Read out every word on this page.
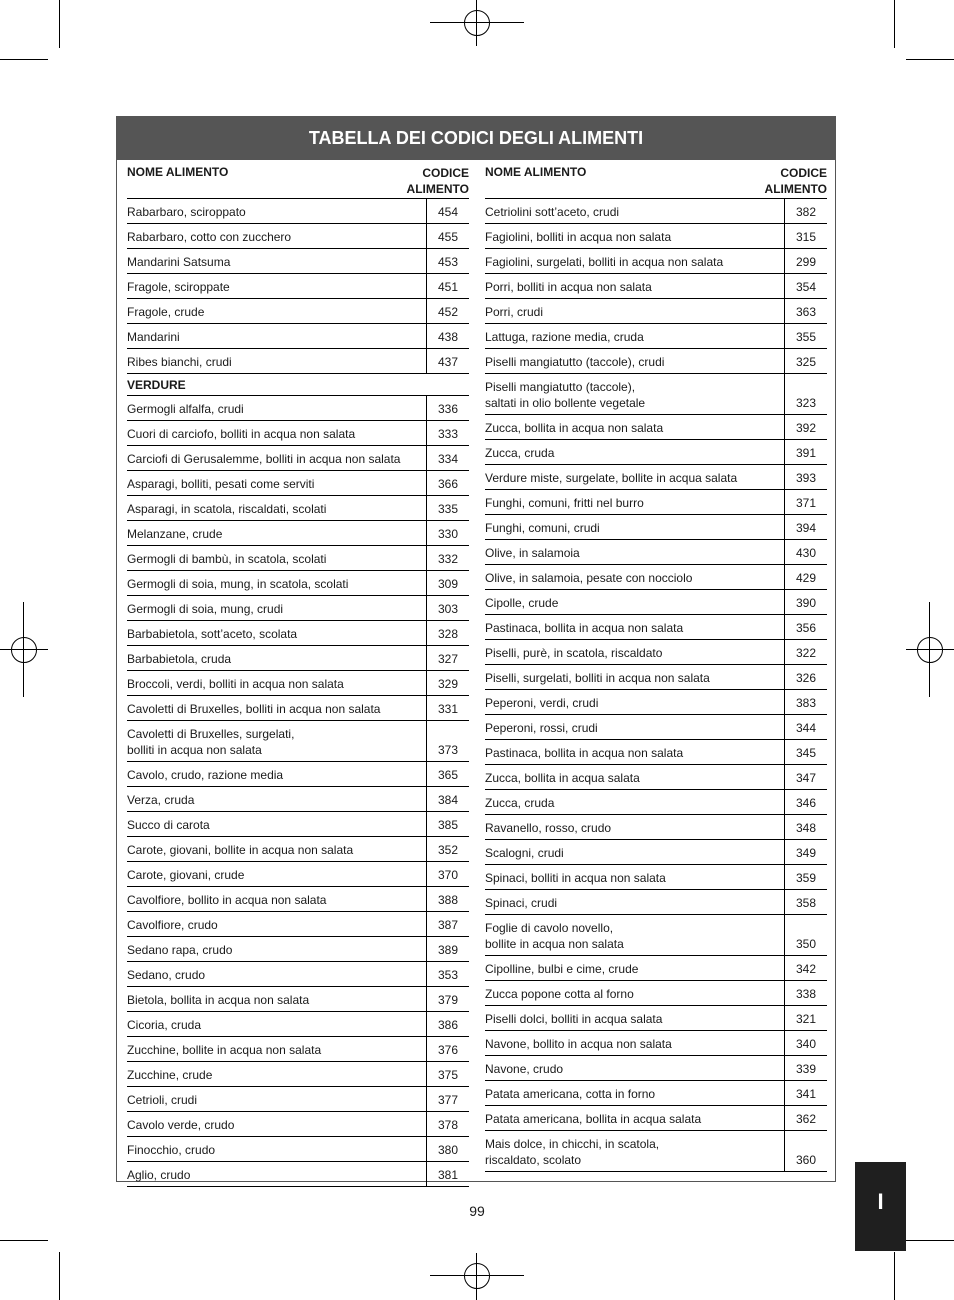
TABELLA DEI CODICI DEGLI ALIMENTI
NOME ALIMENTO	CODICE
ALIMENTO
Rabarbaro, sciroppato	454
Rabarbaro, cotto con zucchero	455
Mandarini Satsuma	453
Fragole, sciroppate	451
Fragole, crude	452
Mandarini	438
Ribes bianchi, crudi	437
VERDURE
Germogli alfalfa, crudi	336
Cuori di carciofo, bolliti in acqua non salata	333
Carciofi di Gerusalemme, bolliti in acqua non salata	334
Asparagi, bolliti, pesati come serviti	366
Asparagi, in scatola, riscaldati, scolati	335
Melanzane, crude	330
Germogli di bambù, in scatola, scolati	332
Germogli di soia, mung, in scatola, scolati	309
Germogli di soia, mung, crudi	303
Barbabietola, sott’aceto, scolata	328
Barbabietola, cruda	327
Broccoli, verdi, bolliti in acqua non salata	329
Cavoletti di Bruxelles, bolliti in acqua non salata	331
Cavoletti di Bruxelles, surgelati,
bolliti in acqua non salata	373
Cavolo, crudo, razione media	365
Verza, cruda	384
Succo di carota	385
Carote, giovani, bollite in acqua non salata	352
Carote, giovani, crude	370
Cavolfiore, bollito in acqua non salata	388
Cavolfiore, crudo	387
Sedano rapa, crudo	389
Sedano, crudo	353
Bietola, bollita in acqua non salata	379
Cicoria, cruda	386
Zucchine, bollite in acqua non salata	376
Zucchine, crude	375
Cetrioli, crudi	377
Cavolo verde, crudo	378
Finocchio, crudo	380
Aglio, crudo	381
NOME ALIMENTO	CODICE
ALIMENTO
Cetriolini sott’aceto, crudi	382
Fagiolini, bolliti in acqua non salata	315
Fagiolini, surgelati, bolliti in acqua non salata	299
Porri, bolliti in acqua non salata	354
Porri, crudi	363
Lattuga, razione media, cruda	355
Piselli mangiatutto (taccole), crudi	325
Piselli mangiatutto (taccole),
saltati in olio bollente vegetale	323
Zucca, bollita in acqua non salata	392
Zucca, cruda	391
Verdure miste, surgelate, bollite in acqua salata	393
Funghi, comuni, fritti nel burro	371
Funghi, comuni, crudi	394
Olive, in salamoia	430
Olive, in salamoia, pesate con nocciolo	429
Cipolle, crude	390
Pastinaca, bollita in acqua non salata	356
Piselli, purè, in scatola, riscaldato	322
Piselli, surgelati, bolliti in acqua non salata	326
Peperoni, verdi, crudi	383
Peperoni, rossi, crudi	344
Pastinaca, bollita in acqua non salata	345
Zucca, bollita in acqua salata	347
Zucca, cruda	346
Ravanello, rosso, crudo	348
Scalogni, crudi	349
Spinaci, bolliti in acqua non salata	359
Spinaci, crudi	358
Foglie di cavolo novello,
bollite in acqua non salata	350
Cipolline, bulbi e cime, crude	342
Zucca popone cotta al forno	338
Piselli dolci, bolliti in acqua salata	321
Navone, bollito in acqua non salata	340
Navone, crudo	339
Patata americana, cotta in forno	341
Patata americana, bollita in acqua salata	362
Mais dolce, in chicchi, in scatola,
riscaldato, scolato	360
99	I
